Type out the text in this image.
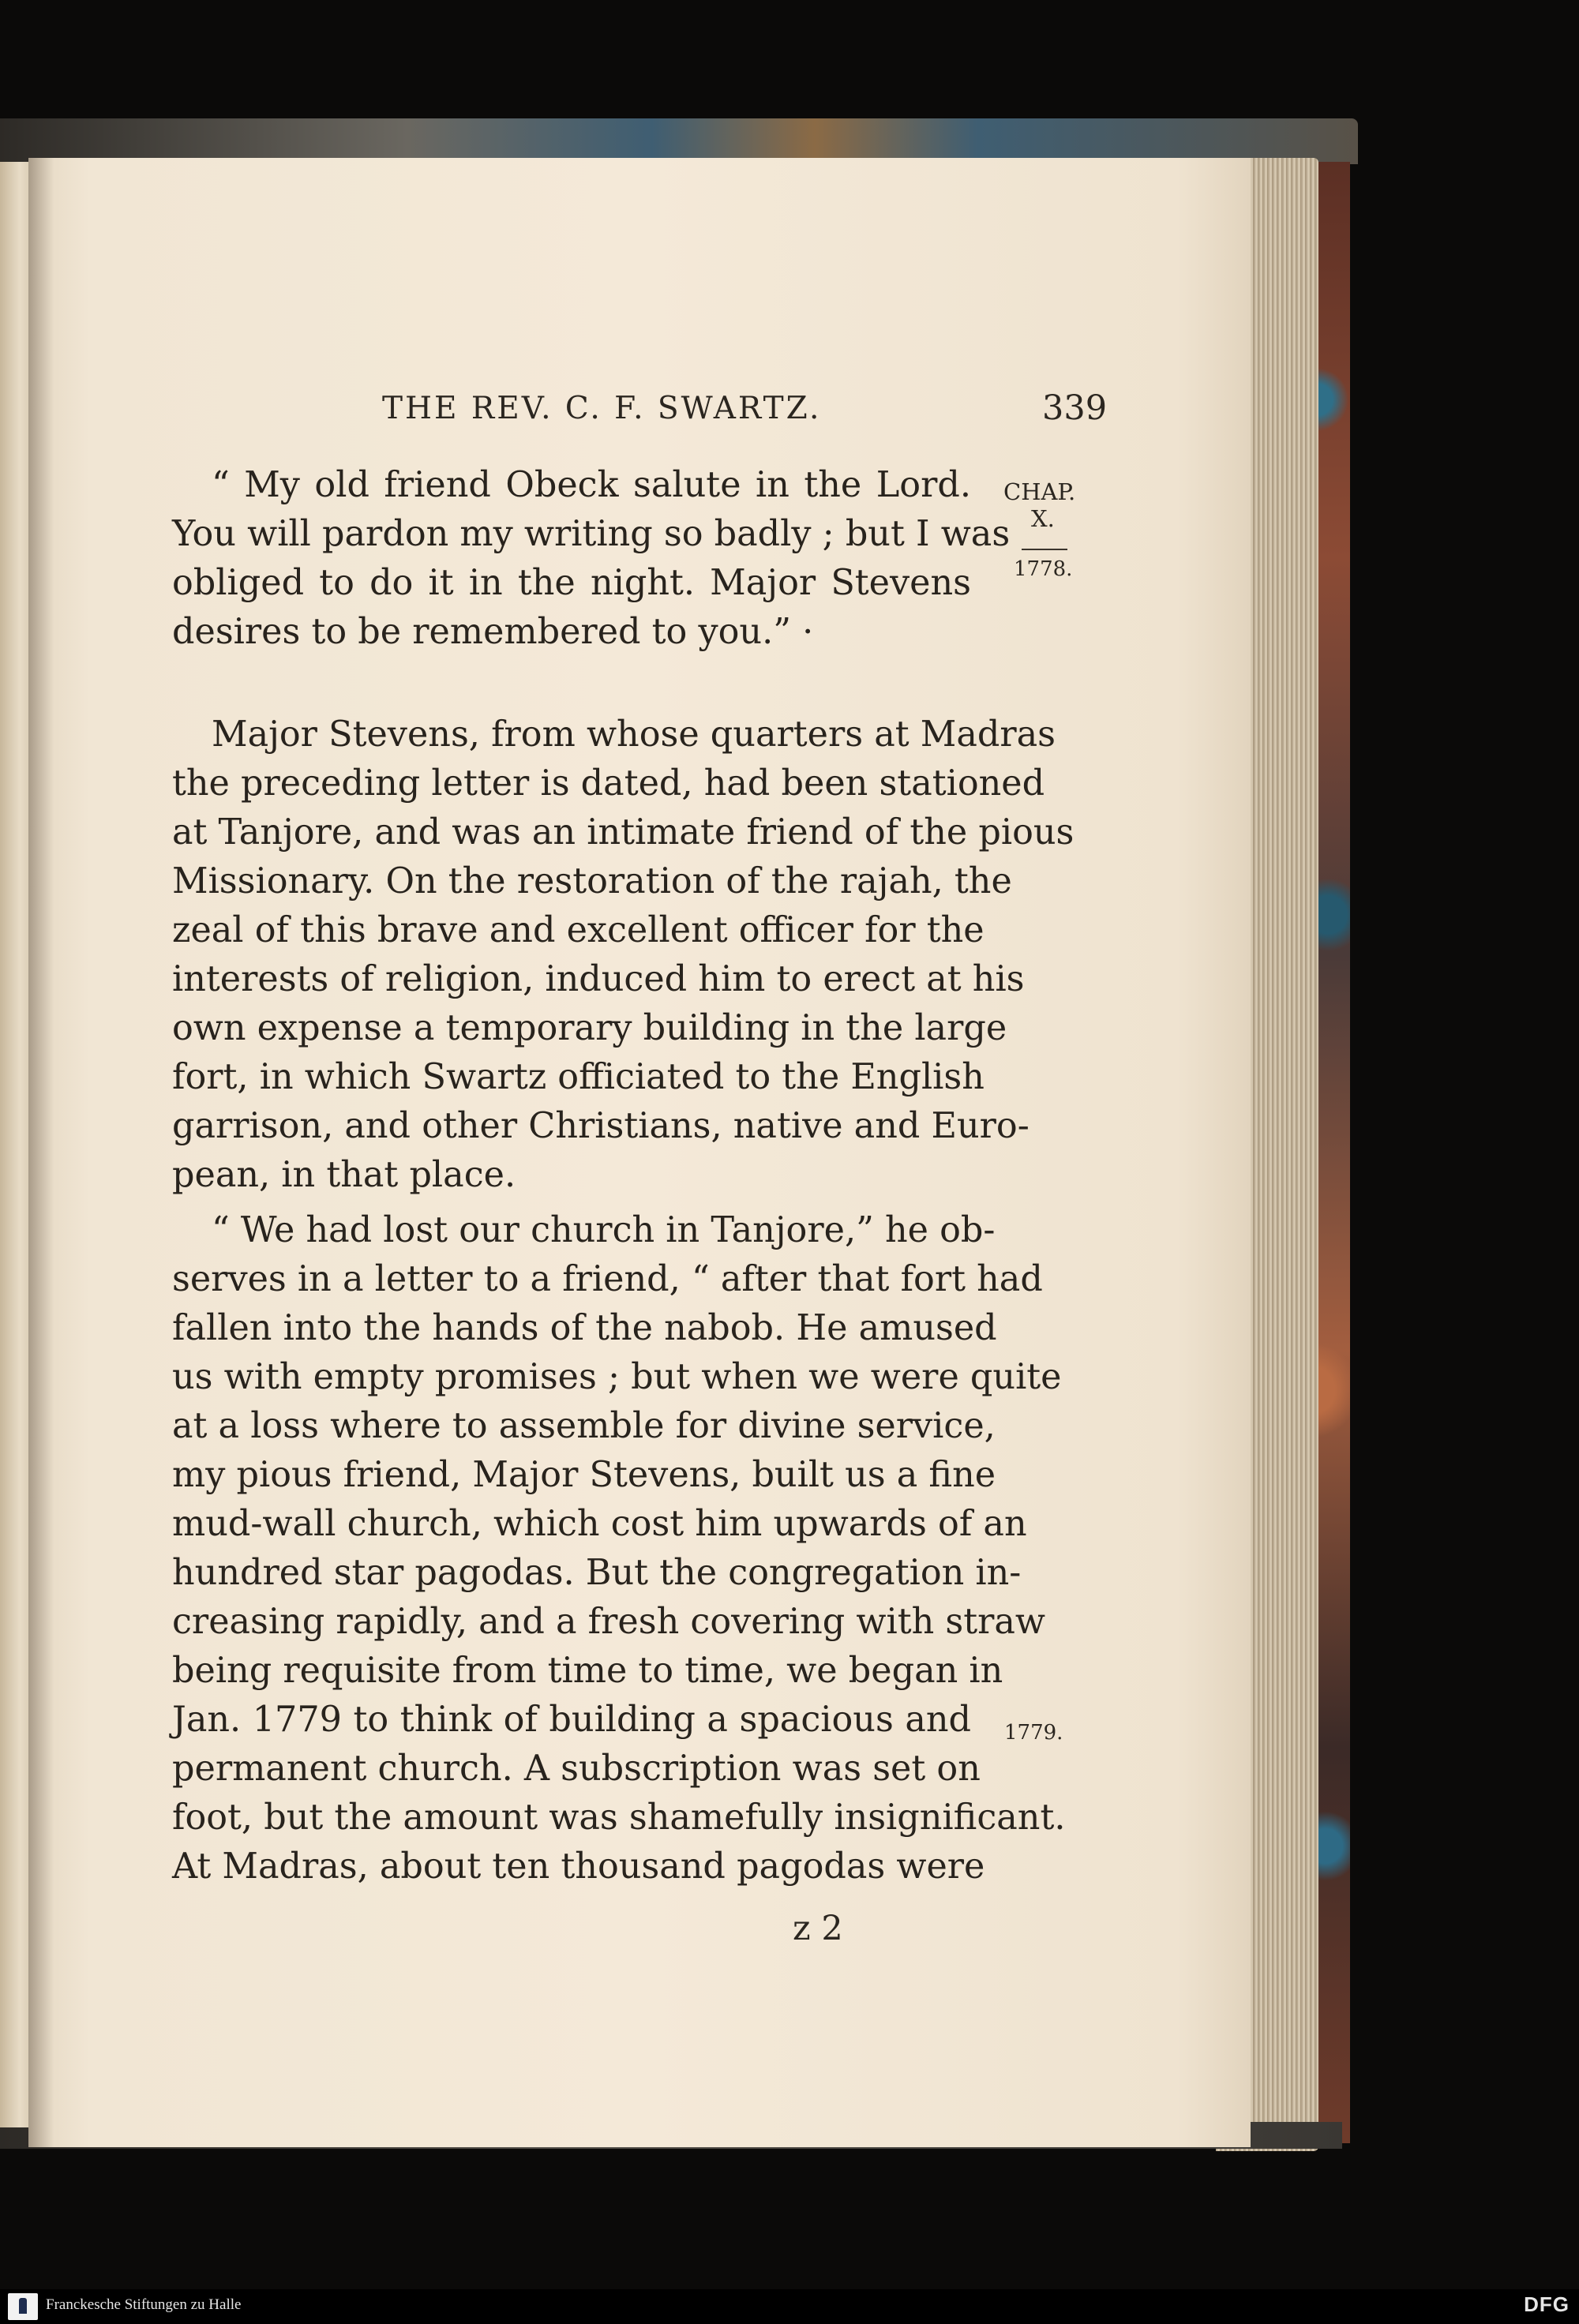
THE REV. C. F. SWARTZ.	339
CHAP.
X.
1778.
1779.
“ My old friend Obeck salute in the Lord.
You will pardon my writing so badly ; but I was
obliged to do it in the night. Major Stevens
desires to be remembered to you.” ·
Major Stevens, from whose quarters at Madras
the preceding letter is dated, had been stationed
at Tanjore, and was an intimate friend of the pious
Missionary. On the restoration of the rajah, the
zeal of this brave and excellent officer for the
interests of religion, induced him to erect at his
own expense a temporary building in the large
fort, in which Swartz officiated to the English
garrison, and other Christians, native and Euro-
pean, in that place.
“ We had lost our church in Tanjore,” he ob-
serves in a letter to a friend, “ after that fort had
fallen into the hands of the nabob. He amused
us with empty promises ; but when we were quite
at a loss where to assemble for divine service,
my pious friend, Major Stevens, built us a fine
mud-wall church, which cost him upwards of an
hundred star pagodas. But the congregation in-
creasing rapidly, and a fresh covering with straw
being requisite from time to time, we began in
Jan. 1779 to think of building a spacious and
permanent church. A subscription was set on
foot, but the amount was shamefully insignificant.
At Madras, about ten thousand pagodas were
z 2
Franckesche Stiftungen zu Halle	DFG
